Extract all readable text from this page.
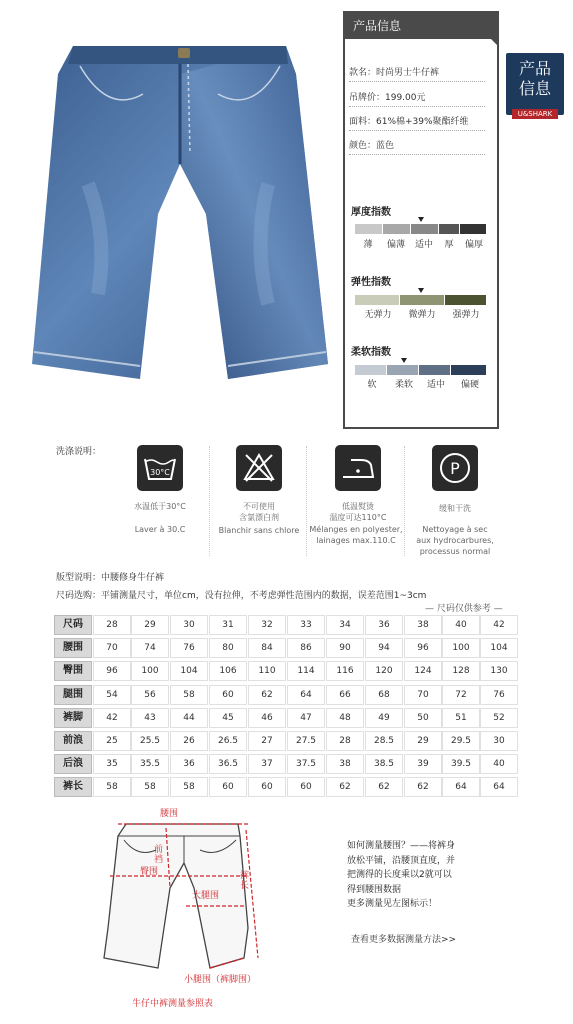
产品信息
款名：时尚男士牛仔裤
吊牌价：199.00元
面料：61%棉+39%聚酯纤维
颜色：蓝色
厚度指数
薄	偏薄	适中	厚	偏厚
弹性指数
无弹力	微弹力	强弹力
柔软指数
软	柔软	适中	偏硬
产品
信息
U&SHARK
洗涤说明：
30°C	P
水温低于30°C
Laver à 30.C
不可使用
含氯漂白剂
Blanchir sans chlore
低温熨烫
温度可达110°C
Mélanges en polyester,
lainages max.110.C
缓和干洗
Nettoyage à sec
aux hydrocarbures,
processus normal
版型说明：中腰修身牛仔裤
尺码选购：平铺测量尺寸，单位cm，没有拉伸，不考虑弹性范围内的数据，误差范围1~3cm
— 尺码仅供参考 —
尺码	28	29	30	31	32	33	34	36	38	40	42
腰围	70	74	76	80	84	86	90	94	96	100	104
臀围	96	100	104	106	110	114	116	120	124	128	130
腿围	54	56	58	60	62	64	66	68	70	72	76
裤脚	42	43	44	45	46	47	48	49	50	51	52
前浪	25	25.5	26	26.5	27	27.5	28	28.5	29	29.5	30
后浪	35	35.5	36	36.5	37	37.5	38	38.5	39	39.5	40
裤长	58	58	58	60	60	60	62	62	62	64	64
腰围
前
裆
臀围	裤
长
大腿围
小腿围（裤脚围）
牛仔中裤测量参照表
如何测量腰围？——将裤身
放松平铺，沿腰顶直度，并
把测得的长度乘以2就可以
得到腰围数据
更多测量见左图标示！
查看更多数据测量方法>>
